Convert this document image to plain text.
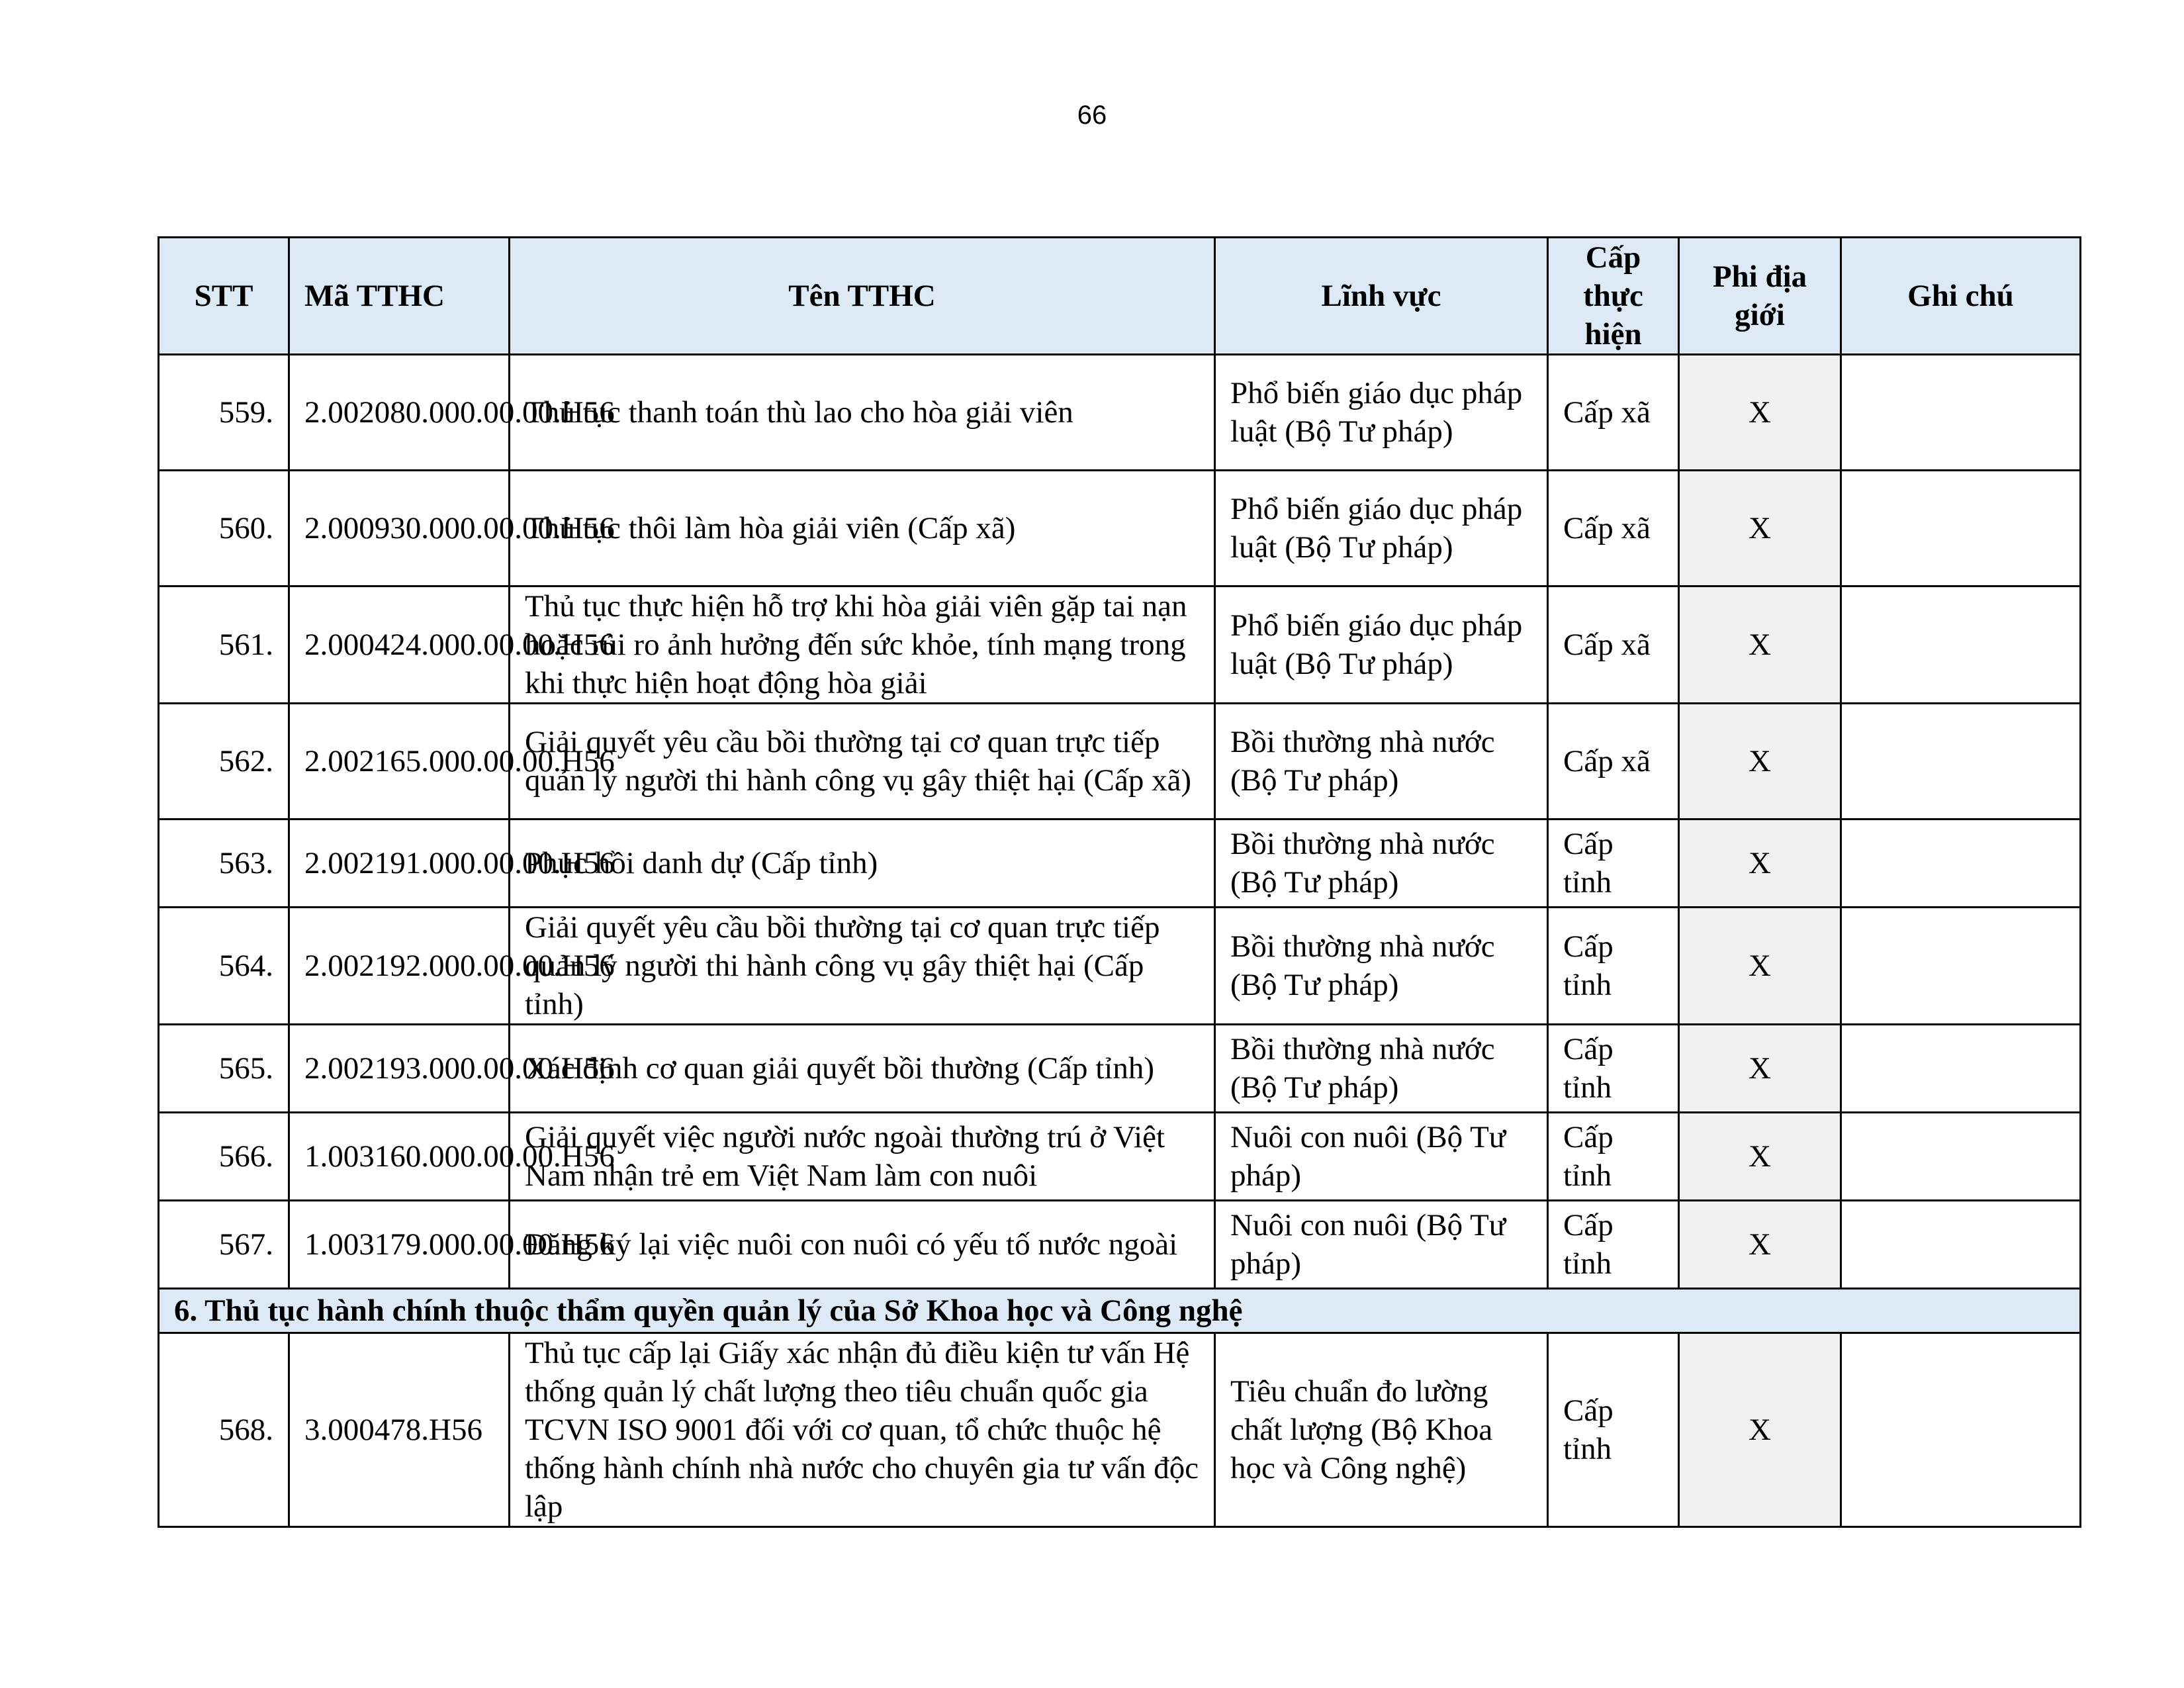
66
STT	Mã TTHC	Tên TTHC	Lĩnh vực	Cấp thực hiện	Phi địa giới	Ghi chú
559.	2.002080.000.00.00.H56	Thủ tục thanh toán thù lao cho hòa giải viên	Phổ biến giáo dục pháp luật (Bộ Tư pháp)	Cấp xã	X	
560.	2.000930.000.00.00.H56	Thủ tục thôi làm hòa giải viên (Cấp xã)	Phổ biến giáo dục pháp luật (Bộ Tư pháp)	Cấp xã	X	
561.	2.000424.000.00.00.H56	Thủ tục thực hiện hỗ trợ khi hòa giải viên gặp tai nạn hoặc rủi ro ảnh hưởng đến sức khỏe, tính mạng trong khi thực hiện hoạt động hòa giải	Phổ biến giáo dục pháp luật (Bộ Tư pháp)	Cấp xã	X	
562.	2.002165.000.00.00.H56	Giải quyết yêu cầu bồi thường tại cơ quan trực tiếp quản lý người thi hành công vụ gây thiệt hại (Cấp xã)	Bồi thường nhà nước (Bộ Tư pháp)	Cấp xã	X	
563.	2.002191.000.00.00.H56	Phục hồi danh dự (Cấp tỉnh)	Bồi thường nhà nước (Bộ Tư pháp)	Cấp tỉnh	X	
564.	2.002192.000.00.00.H56	Giải quyết yêu cầu bồi thường tại cơ quan trực tiếp quản lý người thi hành công vụ gây thiệt hại (Cấp tỉnh)	Bồi thường nhà nước (Bộ Tư pháp)	Cấp tỉnh	X	
565.	2.002193.000.00.00.H56	Xác định cơ quan giải quyết bồi thường (Cấp tỉnh)	Bồi thường nhà nước (Bộ Tư pháp)	Cấp tỉnh	X	
566.	1.003160.000.00.00.H56	Giải quyết việc người nước ngoài thường trú ở Việt Nam nhận trẻ em Việt Nam làm con nuôi	Nuôi con nuôi (Bộ Tư pháp)	Cấp tỉnh	X	
567.	1.003179.000.00.00.H56	Đăng ký lại việc nuôi con nuôi có yếu tố nước ngoài	Nuôi con nuôi (Bộ Tư pháp)	Cấp tỉnh	X	
6. Thủ tục hành chính thuộc thẩm quyền quản lý của Sở Khoa học và Công nghệ						
568.	3.000478.H56	Thủ tục cấp lại Giấy xác nhận đủ điều kiện tư vấn Hệ thống quản lý chất lượng theo tiêu chuẩn quốc gia TCVN ISO 9001 đối với cơ quan, tổ chức thuộc hệ thống hành chính nhà nước cho chuyên gia tư vấn độc lập	Tiêu chuẩn đo lường chất lượng (Bộ Khoa học và Công nghệ)	Cấp tỉnh	X	
